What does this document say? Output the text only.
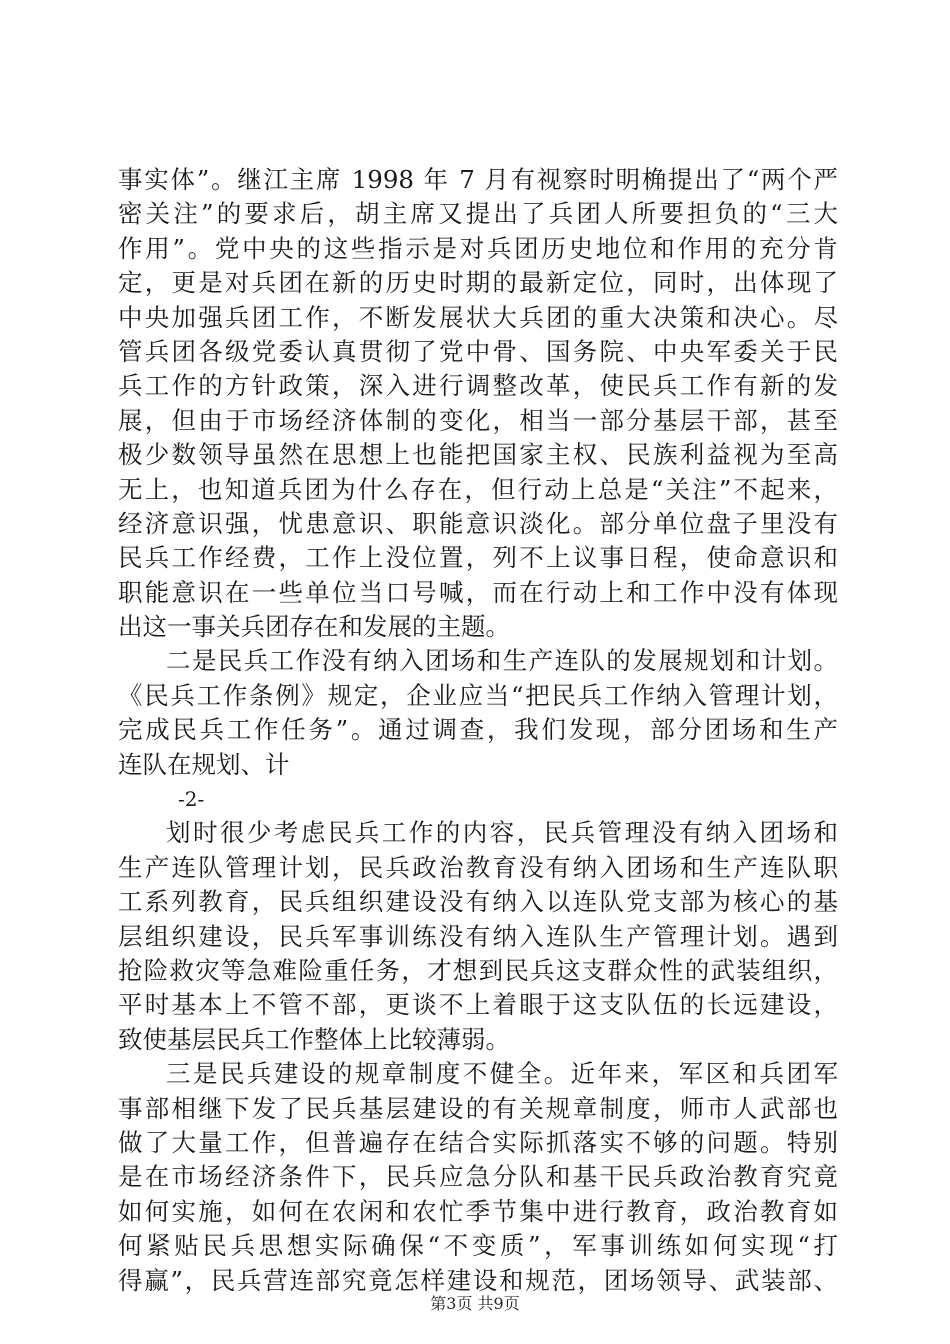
事实体”。继江主席 1998 年 7 月有视察时明桷提出了“两个严
密关注”的要求后，胡主席又提出了兵团人所要担负的“三大
作用”。党中央的这些指示是对兵团历史地位和作用的充分肯
定，更是对兵团在新的历史时期的最新定位，同时，出体现了
中央加强兵团工作，不断发展状大兵团的重大决策和决心。尽
管兵团各级党委认真贯彻了党中骨、国务院、中央军委关于民
兵工作的方针政策，深入进行调整改革，使民兵工作有新的发
展，但由于市场经济体制的变化，相当一部分基层干部，甚至
极少数领导虽然在思想上也能把国家主权、民族利益视为至高
无上，也知道兵团为什么存在，但行动上总是“关注”不起来，
经济意识强，忧患意识、职能意识淡化。部分单位盘子里没有
民兵工作经费，工作上没位置，列不上议事日程，使命意识和
职能意识在一些单位当口号喊，而在行动上和工作中没有体现
出这一事关兵团存在和发展的主题。
二是民兵工作没有纳入团场和生产连队的发展规划和计划。
《民兵工作条例》规定，企业应当“把民兵工作纳入管理计划，
完成民兵工作任务”。通过调查，我们发现，部分团场和生产
连队在规划、计
-2-
划时很少考虑民兵工作的内容，民兵管理没有纳入团场和
生产连队管理计划，民兵政治教育没有纳入团场和生产连队职
工系列教育，民兵组织建设没有纳入以连队党支部为核心的基
层组织建设，民兵军事训练没有纳入连队生产管理计划。遇到
抢险救灾等急难险重任务，才想到民兵这支群众性的武装组织，
平时基本上不管不部，更谈不上着眼于这支队伍的长远建设，
致使基层民兵工作整体上比较薄弱。
三是民兵建设的规章制度不健全。近年来，军区和兵团军
事部相继下发了民兵基层建设的有关规章制度，师市人武部也
做了大量工作，但普遍存在结合实际抓落实不够的问题。特别
是在市场经济条件下，民兵应急分队和基干民兵政治教育究竟
如何实施，如何在农闲和农忙季节集中进行教育，政治教育如
何紧贴民兵思想实际确保“不变质”，军事训练如何实现“打
得赢”，民兵营连部究竟怎样建设和规范，团场领导、武装部、
第3页 共9页
